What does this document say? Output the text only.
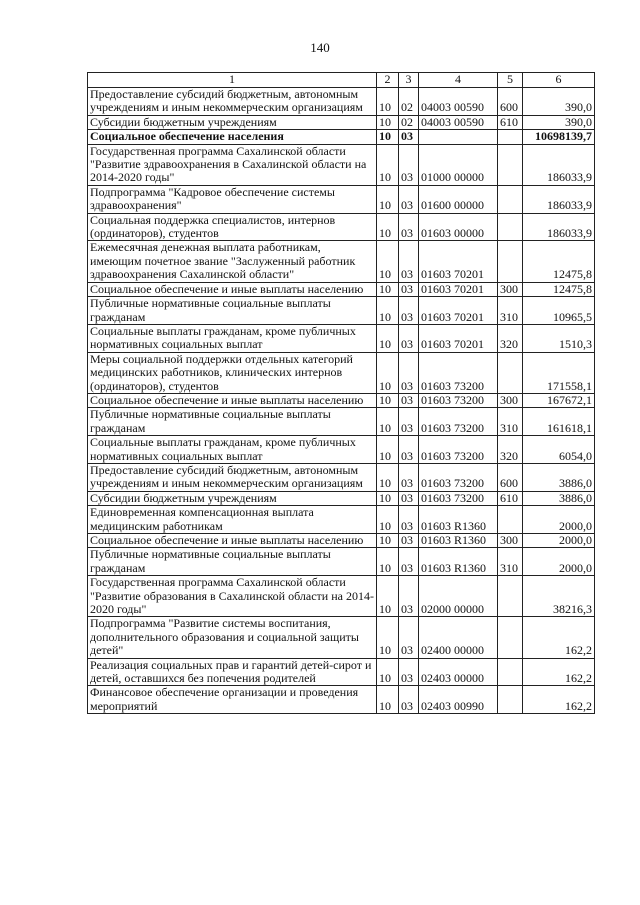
140
1	2	3	4	5	6
Предоставление субсидий бюджетным, автономным учреждениям и иным некоммерческим организациям	10	02	04003 00590	600	390,0
Субсидии бюджетным учреждениям	10	02	04003 00590	610	390,0
Социальное обеспечение населения	10	03			10698139,7
Государственная программа Сахалинской области "Развитие здравоохранения в Сахалинской области на 2014-2020 годы"	10	03	01000 00000		186033,9
Подпрограмма "Кадровое обеспечение системы здравоохранения"	10	03	01600 00000		186033,9
Социальная поддержка специалистов, интернов (ординаторов), студентов	10	03	01603 00000		186033,9
Ежемесячная денежная выплата работникам, имеющим почетное звание "Заслуженный работник здравоохранения Сахалинской области"	10	03	01603 70201		12475,8
Социальное обеспечение и иные выплаты населению	10	03	01603 70201	300	12475,8
Публичные нормативные социальные выплаты гражданам	10	03	01603 70201	310	10965,5
Социальные выплаты гражданам, кроме публичных нормативных социальных выплат	10	03	01603 70201	320	1510,3
Меры социальной поддержки отдельных категорий медицинских работников, клинических интернов (ординаторов), студентов	10	03	01603 73200		171558,1
Социальное обеспечение и иные выплаты населению	10	03	01603 73200	300	167672,1
Публичные нормативные социальные выплаты гражданам	10	03	01603 73200	310	161618,1
Социальные выплаты гражданам, кроме публичных нормативных социальных выплат	10	03	01603 73200	320	6054,0
Предоставление субсидий бюджетным, автономным учреждениям и иным некоммерческим организациям	10	03	01603 73200	600	3886,0
Субсидии бюджетным учреждениям	10	03	01603 73200	610	3886,0
Единовременная компенсационная выплата медицинским работникам	10	03	01603 R1360		2000,0
Социальное обеспечение и иные выплаты населению	10	03	01603 R1360	300	2000,0
Публичные нормативные социальные выплаты гражданам	10	03	01603 R1360	310	2000,0
Государственная программа Сахалинской области "Развитие образования в Сахалинской области на 2014-2020 годы"	10	03	02000 00000		38216,3
Подпрограмма "Развитие системы воспитания, дополнительного образования и социальной защиты детей"	10	03	02400 00000		162,2
Реализация социальных прав и гарантий детей-сирот и детей, оставшихся без попечения родителей	10	03	02403 00000		162,2
Финансовое обеспечение организации и проведения мероприятий	10	03	02403 00990		162,2
